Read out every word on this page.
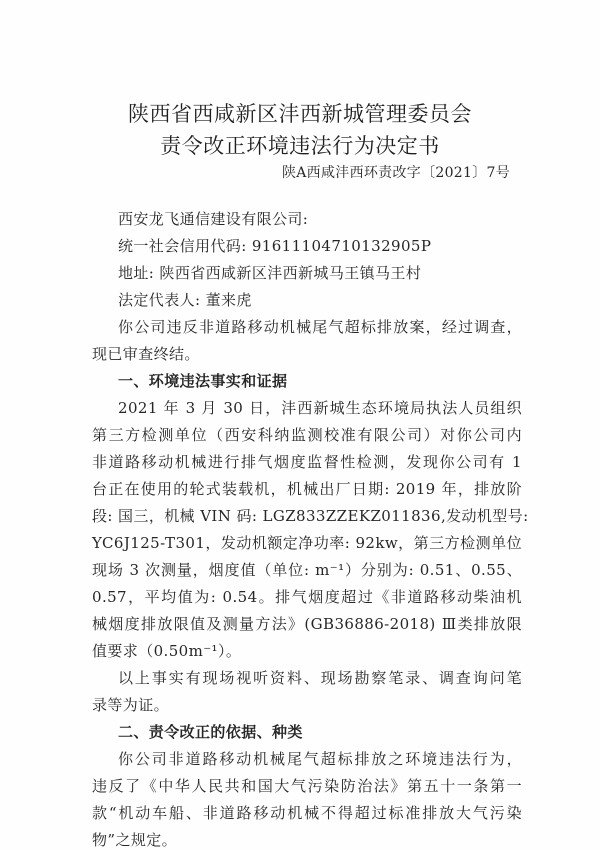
陕西省西咸新区沣西新城管理委员会
责令改正环境违法行为决定书
陕A西咸沣西环责改字〔2021〕7号
西安龙飞通信建设有限公司:
统一社会信用代码: 91611104710132905P
地址: 陕西省西咸新区沣西新城马王镇马王村
法定代表人: 董来虎
你公司违反非道路移动机械尾气超标排放案，经过调查，
现已审查终结。
一、环境违法事实和证据
2021 年 3 月 30 日，沣西新城生态环境局执法人员组织
第三方检测单位（西安科纳监测校准有限公司）对你公司内
非道路移动机械进行排气烟度监督性检测，发现你公司有 1
台正在使用的轮式装载机，机械出厂日期: 2019 年，排放阶
段: 国三，机械 VIN 码: LGZ833ZZEKZ011836,发动机型号:
YC6J125-T301，发动机额定净功率: 92kw，第三方检测单位
现场 3 次测量，烟度值（单位: m⁻¹）分别为: 0.51、0.55、
0.57，平均值为: 0.54。排气烟度超过《非道路移动柴油机
械烟度排放限值及测量方法》(GB36886-2018) Ⅲ类排放限
值要求（0.50m⁻¹）。
以上事实有现场视听资料、现场勘察笔录、调查询问笔
录等为证。
二、责令改正的依据、种类
你公司非道路移动机械尾气超标排放之环境违法行为，
违反了《中华人民共和国大气污染防治法》第五十一条第一
款“机动车船、非道路移动机械不得超过标准排放大气污染
物”之规定。
